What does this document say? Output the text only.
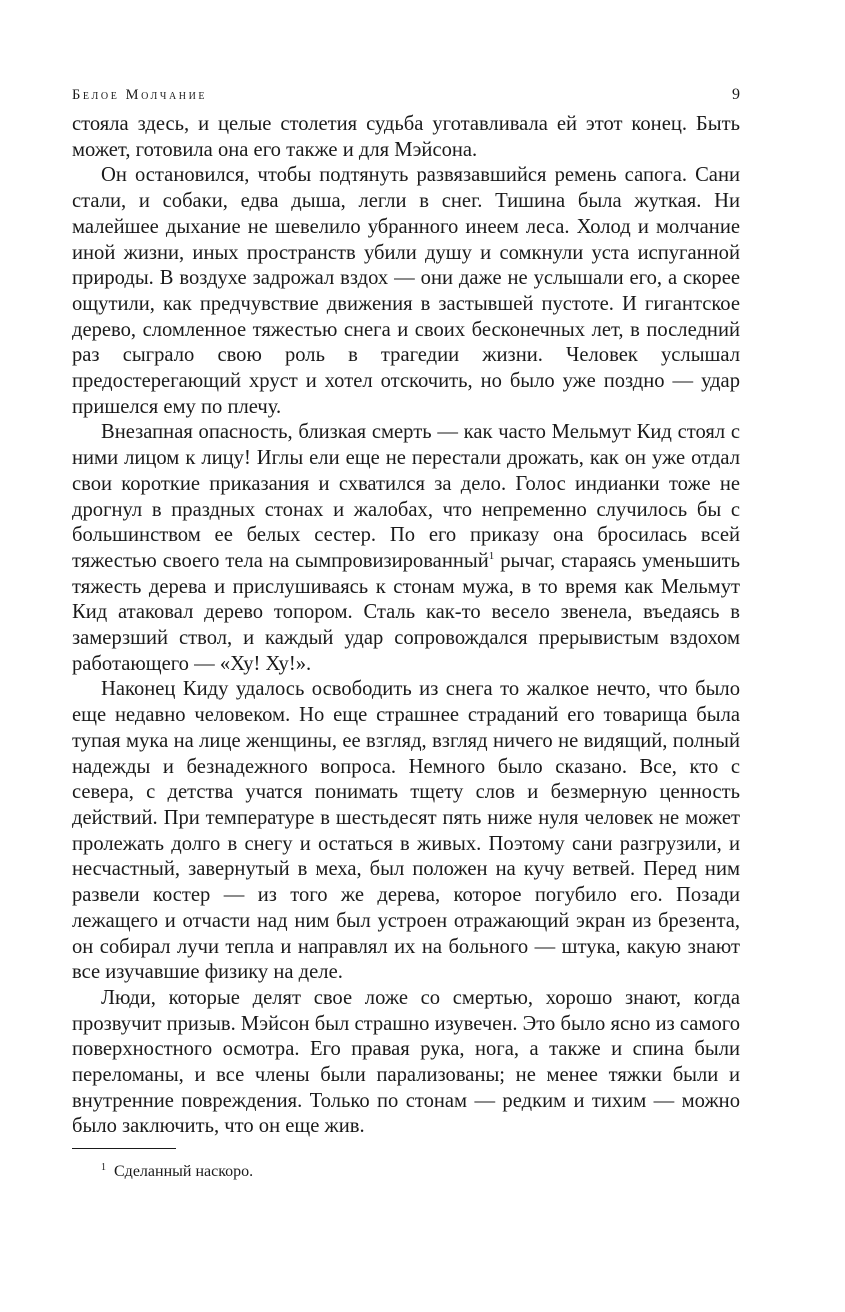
Белое Молчание	9

стояла здесь, и целые столетия судьба уготавливала ей этот конец. Быть может, готовила она его также и для Мэйсона.

Он остановился, чтобы подтянуть развязавшийся ремень сапога. Сани стали, и собаки, едва дыша, легли в снег. Тишина была жуткая. Ни малейшее дыхание не шевелило убранного инеем леса. Холод и молчание иной жизни, иных пространств убили душу и сомкнули уста испуганной природы. В воздухе задрожал вздох — они даже не услышали его, а скорее ощутили, как предчувствие движения в застывшей пустоте. И гигантское дерево, сломленное тяжестью снега и своих бесконечных лет, в последний раз сыграло свою роль в трагедии жизни. Человек услышал предостерегающий хруст и хотел отскочить, но было уже поздно — удар пришелся ему по плечу.

Внезапная опасность, близкая смерть — как часто Мельмут Кид стоял с ними лицом к лицу! Иглы ели еще не перестали дрожать, как он уже отдал свои короткие приказания и схватился за дело. Голос индианки тоже не дрогнул в праздных стонах и жалобах, что непременно случилось бы с большинством ее белых сестер. По его приказу она бросилась всей тяжестью своего тела на сымпровизированный$^1$ рычаг, стараясь уменьшить тяжесть дерева и прислушиваясь к стонам мужа, в то время как Мельмут Кид атаковал дерево топором. Сталь как-то весело звенела, въедаясь в замерзший ствол, и каждый удар сопровождался прерывистым вздохом работающего — «Ху! Ху!».

Наконец Киду удалось освободить из снега то жалкое нечто, что было еще недавно человеком. Но еще страшнее страданий его товарища была тупая мука на лице женщины, ее взгляд, взгляд ничего не видящий, полный надежды и безнадежного вопроса. Немного было сказано. Все, кто с севера, с детства учатся понимать тщету слов и безмерную ценность действий. При температуре в шестьдесят пять ниже нуля человек не может пролежать долго в снегу и остаться в живых. Поэтому сани разгрузили, и несчастный, завернутый в меха, был положен на кучу ветвей. Перед ним развели костер — из того же дерева, которое погубило его. Позади лежащего и отчасти над ним был устроен отражающий экран из брезента, он собирал лучи тепла и направлял их на больного — штука, какую знают все изучавшие физику на деле.

Люди, которые делят свое ложе со смертью, хорошо знают, когда прозвучит призыв. Мэйсон был страшно изувечен. Это было ясно из самого поверхностного осмотра. Его правая рука, нога, а также и спина были переломаны, и все члены были парализованы; не менее тяжки были и внутренние повреждения. Только по стонам — редким и тихим — можно было заключить, что он еще жив.

$^1$ Сделанный наскоро.
